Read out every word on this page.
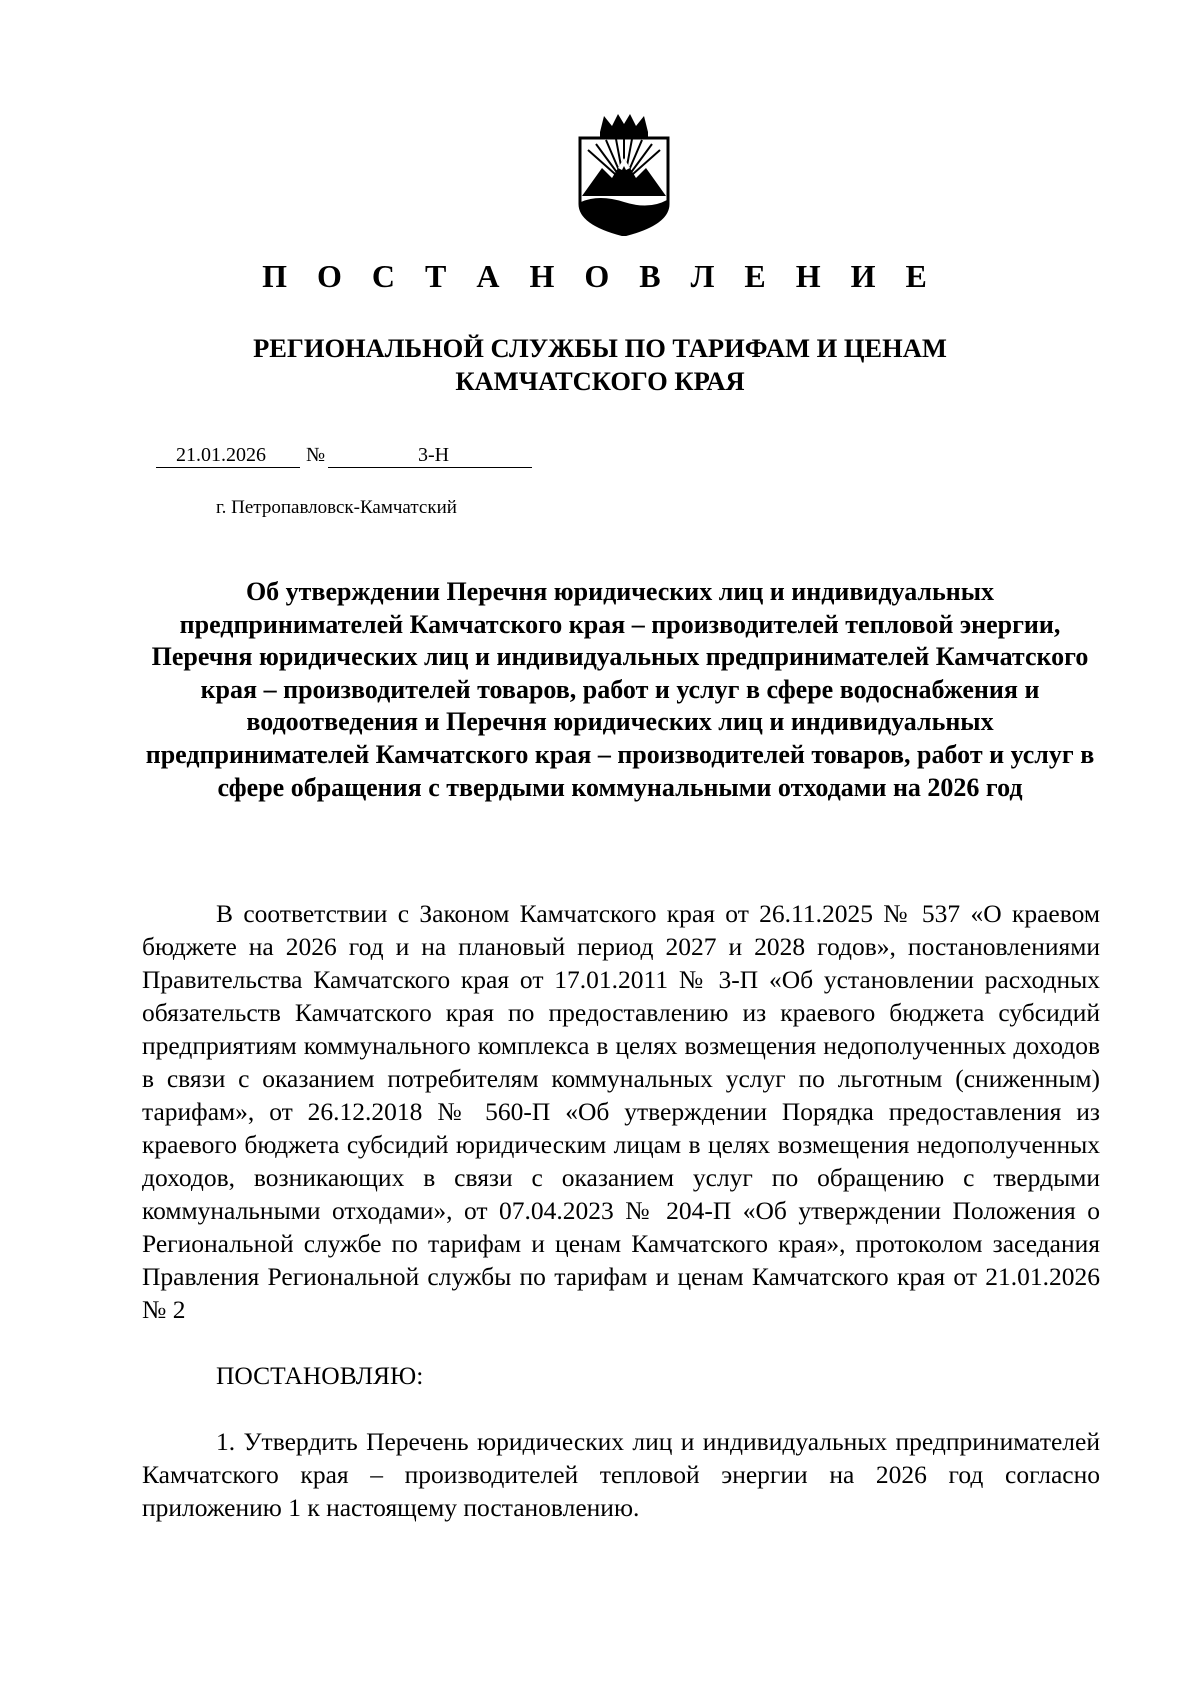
П О С Т А Н О В Л Е Н И Е
РЕГИОНАЛЬНОЙ СЛУЖБЫ ПО ТАРИФАМ И ЦЕНАМ
КАМЧАТСКОГО КРАЯ
21.01.2026 №	3-Н
г. Петропавловск-Камчатский
Об утверждении Перечня юридических лиц и индивидуальных предпринимателей Камчатского края – производителей тепловой энергии, Перечня юридических лиц и индивидуальных предпринимателей Камчатского края – производителей товаров, работ и услуг в сфере водоснабжения и водоотведения и Перечня юридических лиц и индивидуальных предпринимателей Камчатского края – производителей товаров, работ и услуг в сфере обращения с твердыми коммунальными отходами на 2026 год

В соответствии с Законом Камчатского края от 26.11.2025 № 537 «О краевом бюджете на 2026 год и на плановый период 2027 и 2028 годов», постановлениями Правительства Камчатского края от 17.01.2011 № 3-П «Об установлении расходных обязательств Камчатского края по предоставлению из краевого бюджета субсидий предприятиям коммунального комплекса в целях возмещения недополученных доходов в связи с оказанием потребителям коммунальных услуг по льготным (сниженным) тарифам», от 26.12.2018 № 560-П «Об утверждении Порядка предоставления из краевого бюджета субсидий юридическим лицам в целях возмещения недополученных доходов, возникающих в связи с оказанием услуг по обращению с твердыми коммунальными отходами», от 07.04.2023 № 204-П «Об утверждении Положения о Региональной службе по тарифам и ценам Камчатского края», протоколом заседания Правления Региональной службы по тарифам и ценам Камчатского края от 21.01.2026 № 2

ПОСТАНОВЛЯЮ:

1. Утвердить Перечень юридических лиц и индивидуальных предпринимателей Камчатского края – производителей тепловой энергии на 2026 год согласно приложению 1 к настоящему постановлению.
